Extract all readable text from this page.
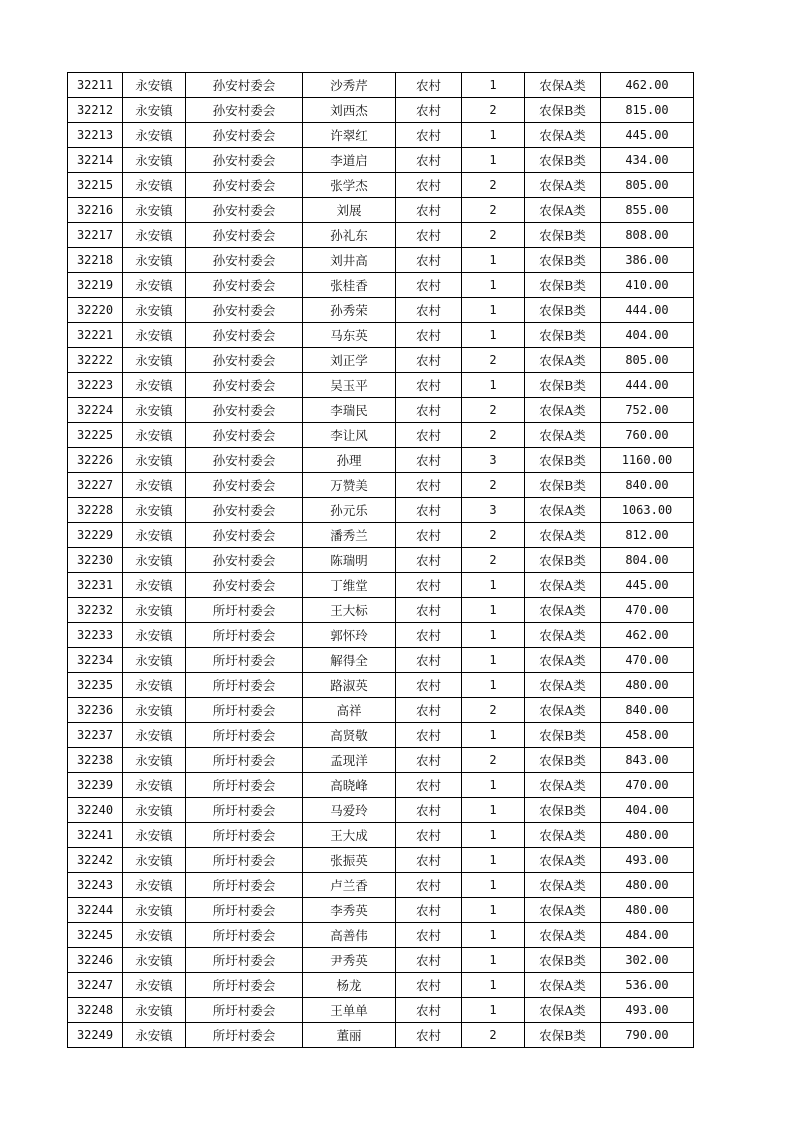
32211	永安镇	孙安村委会	沙秀芹	农村	1	农保A类	462.00
32212	永安镇	孙安村委会	刘西杰	农村	2	农保B类	815.00
32213	永安镇	孙安村委会	许翠红	农村	1	农保A类	445.00
32214	永安镇	孙安村委会	李道启	农村	1	农保B类	434.00
32215	永安镇	孙安村委会	张学杰	农村	2	农保A类	805.00
32216	永安镇	孙安村委会	刘展	农村	2	农保A类	855.00
32217	永安镇	孙安村委会	孙礼东	农村	2	农保B类	808.00
32218	永安镇	孙安村委会	刘井高	农村	1	农保B类	386.00
32219	永安镇	孙安村委会	张桂香	农村	1	农保B类	410.00
32220	永安镇	孙安村委会	孙秀荣	农村	1	农保B类	444.00
32221	永安镇	孙安村委会	马东英	农村	1	农保B类	404.00
32222	永安镇	孙安村委会	刘正学	农村	2	农保A类	805.00
32223	永安镇	孙安村委会	吴玉平	农村	1	农保B类	444.00
32224	永安镇	孙安村委会	李瑞民	农村	2	农保A类	752.00
32225	永安镇	孙安村委会	李让风	农村	2	农保A类	760.00
32226	永安镇	孙安村委会	孙理	农村	3	农保B类	1160.00
32227	永安镇	孙安村委会	万赞美	农村	2	农保B类	840.00
32228	永安镇	孙安村委会	孙元乐	农村	3	农保A类	1063.00
32229	永安镇	孙安村委会	潘秀兰	农村	2	农保A类	812.00
32230	永安镇	孙安村委会	陈瑞明	农村	2	农保B类	804.00
32231	永安镇	孙安村委会	丁维堂	农村	1	农保A类	445.00
32232	永安镇	所圩村委会	王大标	农村	1	农保A类	470.00
32233	永安镇	所圩村委会	郭怀玲	农村	1	农保A类	462.00
32234	永安镇	所圩村委会	解得全	农村	1	农保A类	470.00
32235	永安镇	所圩村委会	路淑英	农村	1	农保A类	480.00
32236	永安镇	所圩村委会	高祥	农村	2	农保A类	840.00
32237	永安镇	所圩村委会	高贤敬	农村	1	农保B类	458.00
32238	永安镇	所圩村委会	孟现洋	农村	2	农保B类	843.00
32239	永安镇	所圩村委会	高晓峰	农村	1	农保A类	470.00
32240	永安镇	所圩村委会	马爱玲	农村	1	农保B类	404.00
32241	永安镇	所圩村委会	王大成	农村	1	农保A类	480.00
32242	永安镇	所圩村委会	张振英	农村	1	农保A类	493.00
32243	永安镇	所圩村委会	卢兰香	农村	1	农保A类	480.00
32244	永安镇	所圩村委会	李秀英	农村	1	农保A类	480.00
32245	永安镇	所圩村委会	高善伟	农村	1	农保A类	484.00
32246	永安镇	所圩村委会	尹秀英	农村	1	农保B类	302.00
32247	永安镇	所圩村委会	杨龙	农村	1	农保A类	536.00
32248	永安镇	所圩村委会	王单单	农村	1	农保A类	493.00
32249	永安镇	所圩村委会	董丽	农村	2	农保B类	790.00
